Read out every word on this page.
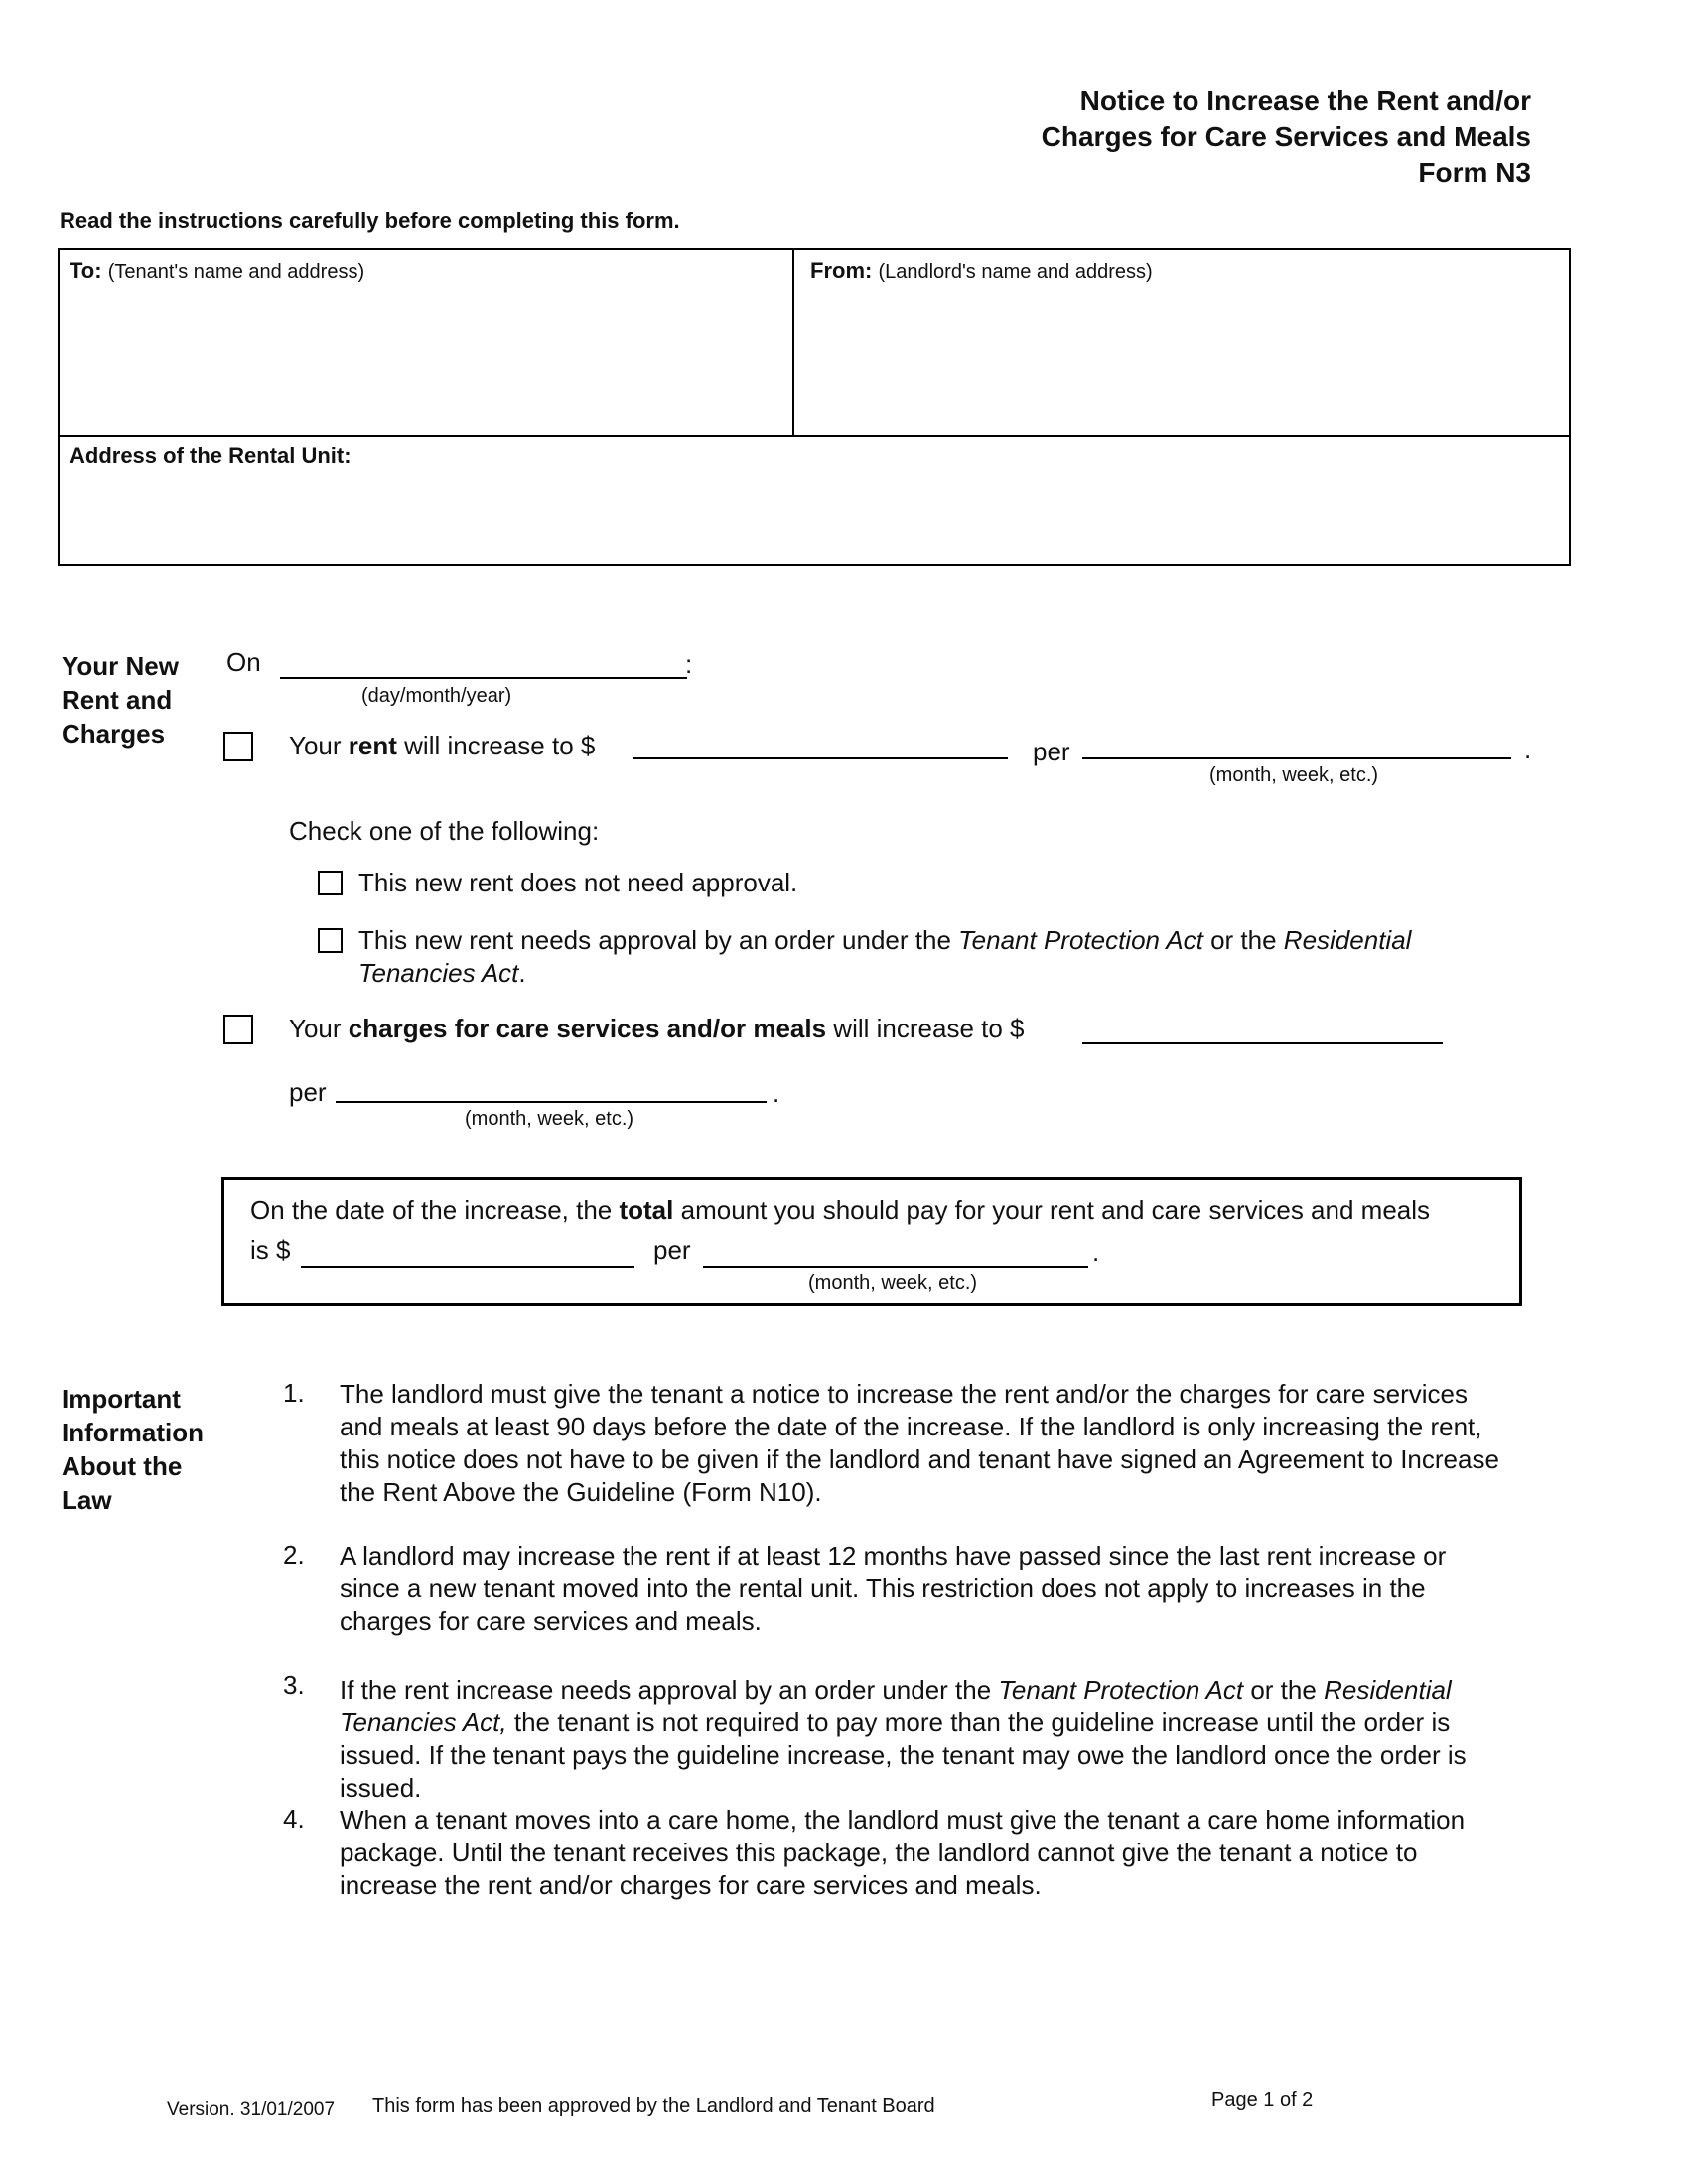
Notice to Increase the Rent and/or
Charges for Care Services and Meals
Form N3
Read the instructions carefully before completing this form.
To: (Tenant's name and address)	From: (Landlord's name and address)
Address of the Rental Unit:
Your New
Rent and
Charges
On	:
(day/month/year)
Your rent will increase to $	per	.
(month, week, etc.)
Check one of the following:
This new rent does not need approval.
This new rent needs approval by an order under the Tenant Protection Act or the Residential
Tenancies Act.
Your charges for care services and/or meals will increase to $
per	.
(month, week, etc.)
On the date of the increase, the total amount you should pay for your rent and care services and meals
is $	per	.
(month, week, etc.)
Important
Information
About the
Law
1. The landlord must give the tenant a notice to increase the rent and/or the charges for care services
and meals at least 90 days before the date of the increase. If the landlord is only increasing the rent,
this notice does not have to be given if the landlord and tenant have signed an Agreement to Increase
the Rent Above the Guideline (Form N10).
2. A landlord may increase the rent if at least 12 months have passed since the last rent increase or
since a new tenant moved into the rental unit. This restriction does not apply to increases in the
charges for care services and meals.
3. If the rent increase needs approval by an order under the Tenant Protection Act or the Residential
Tenancies Act, the tenant is not required to pay more than the guideline increase until the order is
issued. If the tenant pays the guideline increase, the tenant may owe the landlord once the order is
issued.
4. When a tenant moves into a care home, the landlord must give the tenant a care home information
package. Until the tenant receives this package, the landlord cannot give the tenant a notice to
increase the rent and/or charges for care services and meals.
Version. 31/01/2007 This form has been approved by the Landlord and Tenant Board	Page 1 of 2
